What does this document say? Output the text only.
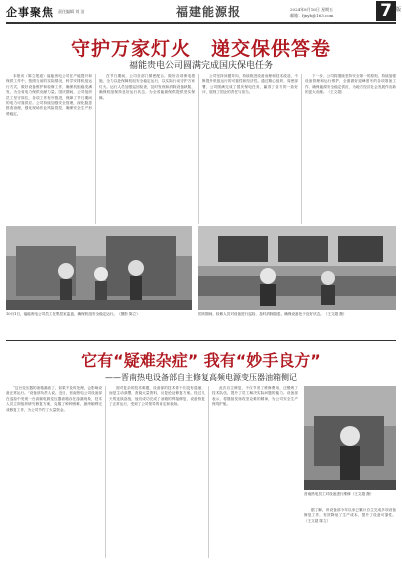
企事聚焦 责任编辑 刘 洁	福建能源报	2024年8月16日 星期五
邮箱：fjnyb@163.com	7 版
守护万家灯火　递交保供答卷
福能贵电公司圆满完成国庆保电任务

本报讯（陈立报道）福能贵电公司在产能提升和保供工作中，按照当前的实际情况，科学安排机组运行方式，做好设备维护和检修工作，确保机组稳发满发，为全省电力保供贡献力量。国庆期间，公司组织员工坚守岗位，各项工作有序推进，保障了节日期间的电力可靠供应。公司持续加强安全管理，深化隐患排查治理，强化现场作业风险管控，确保安全生产形势稳定。

在节日期间，公司各部门紧密配合，做好各项保电措施，全力以赴保障机组安全稳定运行，以实际行动守护万家灯火。运行人员加强巡回检查，及时发现和消除设备缺陷，确保机组保持良好运行状态，为全省能源保供提供坚实保障。

公司坚持问题导向，持续推进设备治理和技术改造，不断提升机组运行的可靠性和经济性。通过精心组织，周密部署，公司圆满完成了国庆保电任务，赢得了各方的一致好评，展现了国企的责任与担当。

下一步，公司将继续坚持安全第一的原则，持续加强设备管理和运行维护，全面做好迎峰度冬的各项准备工作，确保能源安全稳定供应，为地方经济社会发展作出新的更大贡献。（王文超）

10月1日，福能贵电公司员工在集控室监盘，确保机组安全稳定运行。（摄影 陈立）	国庆期间，检修人员对设备进行巡检，及时消除隐患，确保设备处于良好状态。（王文超 摄）
它有“疑难杂症” 我有“妙手良方”
——晋南热电设备部自主修复高频电源变压器油箱侧记

“这台变压器的油箱漏油了，如果不及时处理，会影响设备正常运行。”设备部负责人说。近日，晋南热电公司设备部在巡检中发现一台高频电源变压器油箱存在渗漏现象，技术人员立即组织研究修复方案，克服了种种困难，最终顺利完成修复工作，为公司节约了大量资金。

面对复杂的技术难题，设备部的技术骨干们没有退缩，而是主动请缨，查阅大量资料，反复论证修复方案。经过几天的连续奋战，他们成功完成了油箱的焊接修复，设备恢复了正常运行，受到了公司领导的肯定和表扬。

此次自主修复，不仅节省了维修费用，还锻炼了技术队伍，提升了员工解决实际问题的能力。设备部表示，将继续发扬攻坚克难的精神，为公司安全生产保驾护航。

晋南热电员工对设备进行维修（王文超 摄）

据了解，该设备部今年以来已累计自主完成多项设备修复工作，有效降低了生产成本，提升了设备可靠性。（王文超 陈立）
